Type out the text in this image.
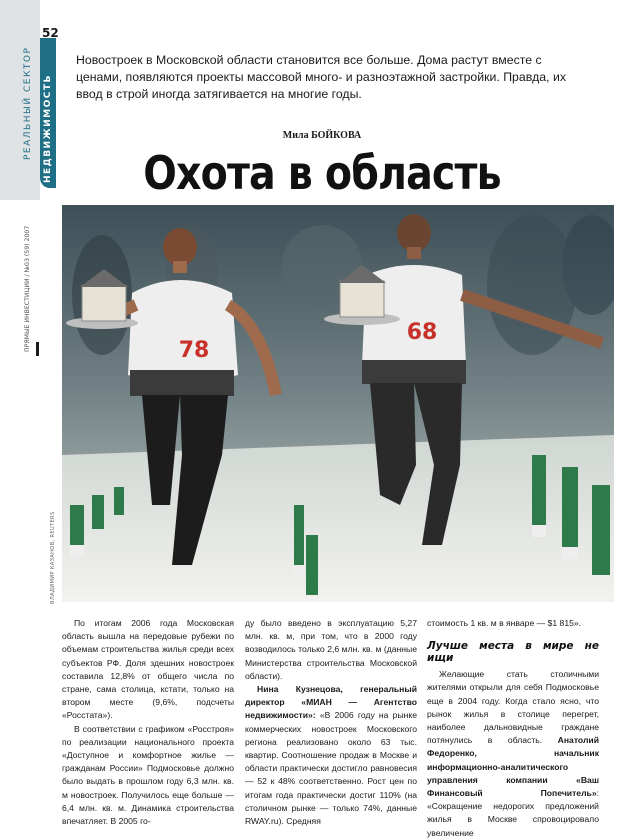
52
РЕАЛЬНЫЙ СЕКТОР НЕДВИЖИМОСТЬ
ПРЯМЫЕ ИНВЕСТИЦИИ / №03 (59) 2007
ВЛАДИМИР КАЗАНОВ, REUTERS
Новостроек в Московской области становится все больше. Дома растут вместе с ценами, появляются проекты массовой много- и разноэтажной застройки. Правда, их ввод в строй иногда затягивается на многие годы.
Мила БОЙКОВА
Охота в область
78
68

По итогам 2006 года Московская область вышла на передовые рубежи по объемам строительства жилья среди всех субъектов РФ. Доля здешних новостроек составила 12,8% от общего числа по стране, сама столица, кстати, только на втором месте (9,6%, подсчеты «Росстата»).

В соответствии с графиком «Росстроя» по реализации национального проекта «Доступное и комфортное жилье — гражданам России» Подмосковье должно было выдать в прошлом году 6,3 млн. кв. м новостроек. Получилось еще больше — 6,4 млн. кв. м. Динамика строительства впечатляет. В 2005 го-

ду было введено в эксплуатацию 5,27 млн. кв. м, при том, что в 2000 году возводилось только 2,6 млн. кв. м (данные Министерства строительства Московской области).

Нина Кузнецова, генеральный директор «МИАН — Агентство недвижимости»: «В 2006 году на рынке коммерческих новостроек Московского региона реализовано около 63 тыс. квартир. Соотношение продаж в Москве и области практически достигло равновесия — 52 к 48% соответственно. Рост цен по итогам года практически достиг 110% (на столичном рынке — только 74%, данные RWAY.ru). Средняя

стоимость 1 кв. м в январе — $1 815».

Лучше места в мире не ищи

Желающие стать столичными жителями открыли для себя Подмосковье еще в 2004 году. Когда стало ясно, что рынок жилья в столице перегрет, наиболее дальновидные граждане потянулись в область. Анатолий Федоренко, начальник информационно-аналитического управления компании «Ваш Финансовый Попечитель»: «Сокращение недорогих предложений жилья в Москве спровоцировало увеличение
